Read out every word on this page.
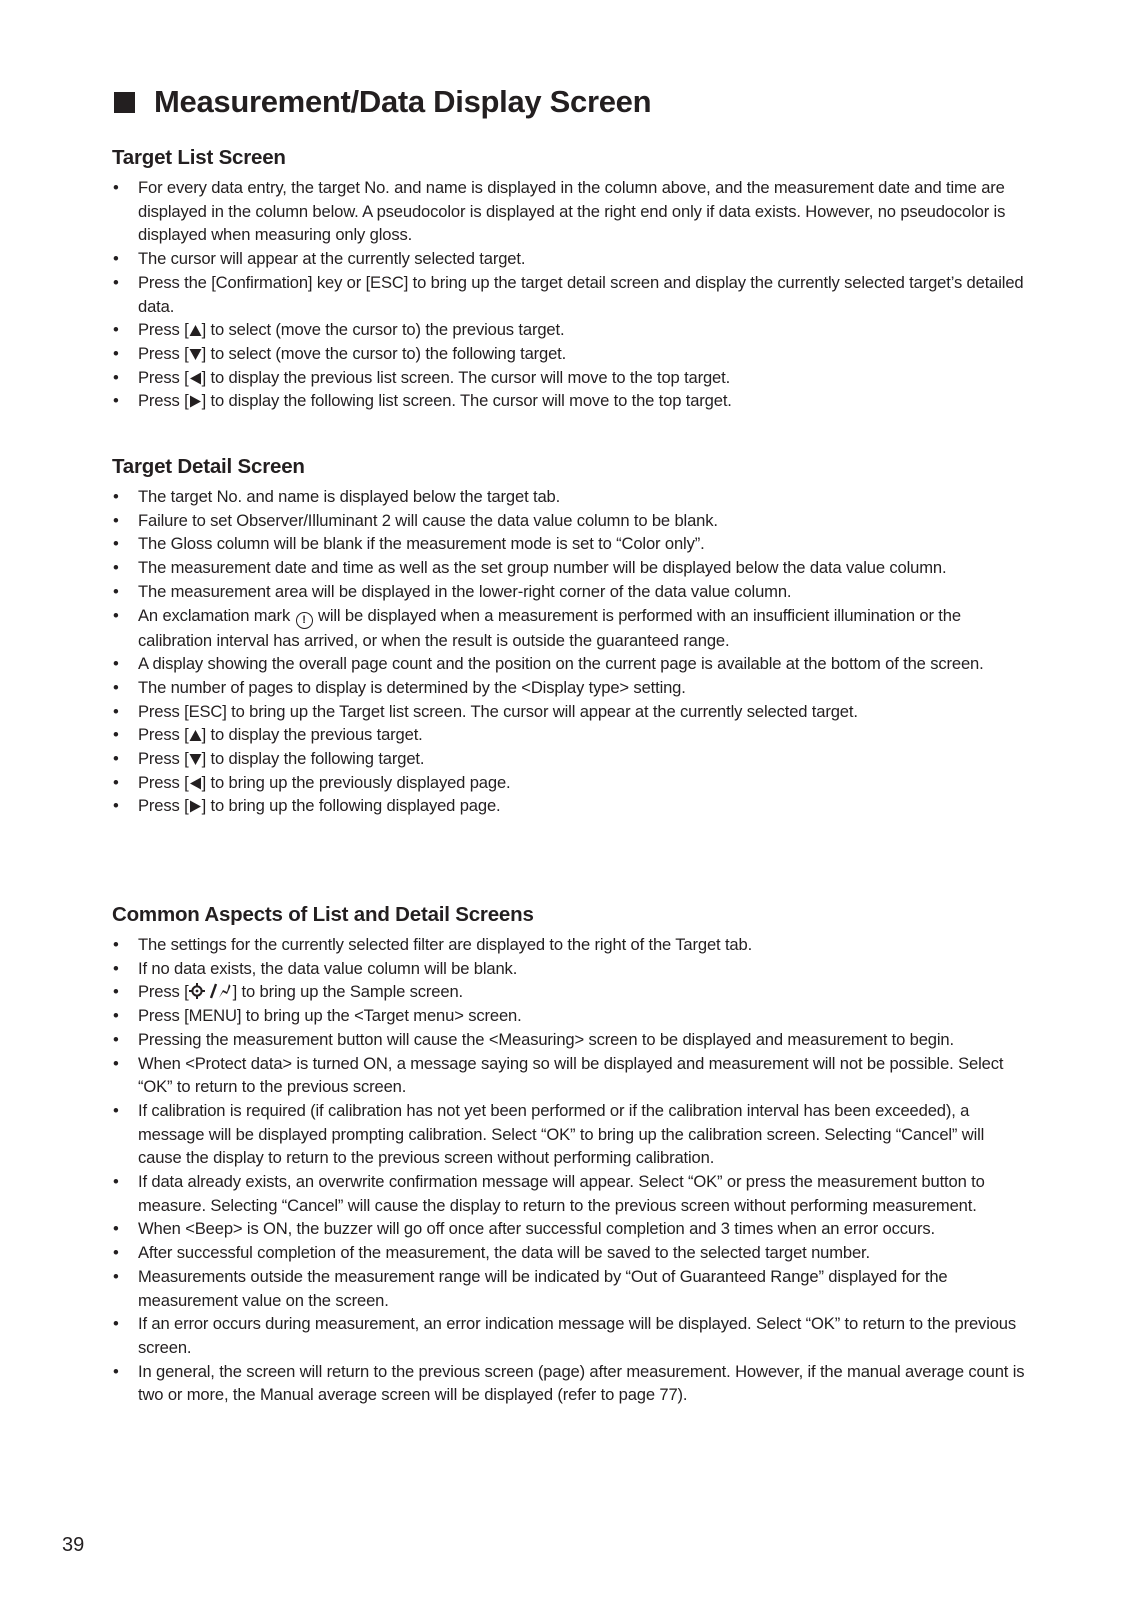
Measurement/Data Display Screen
Target List Screen
• For every data entry, the target No. and name is displayed in the column above, and the measurement date and time are displayed in the column below. A pseudocolor is displayed at the right end only if data exists. However, no pseudocolor is displayed when measuring only gloss.
• The cursor will appear at the currently selected target.
• Press the [Confirmation] key or [ESC] to bring up the target detail screen and display the currently selected target’s detailed data.
• Press [ ] to select (move the cursor to) the previous target.
• Press [ ] to select (move the cursor to) the following target.
• Press [ ] to display the previous list screen. The cursor will move to the top target.
• Press [ ] to display the following list screen. The cursor will move to the top target.
Target Detail Screen
• The target No. and name is displayed below the target tab.
• Failure to set Observer/Illuminant 2 will cause the data value column to be blank.
• The Gloss column will be blank if the measurement mode is set to “Color only”.
• The measurement date and time as well as the set group number will be displayed below the data value column.
• The measurement area will be displayed in the lower-right corner of the data value column.
• An exclamation mark ! will be displayed when a measurement is performed with an insufficient illumination or the calibration interval has arrived, or when the result is outside the guaranteed range.
• A display showing the overall page count and the position on the current page is available at the bottom of the screen.
• The number of pages to display is determined by the <Display type> setting.
• Press [ESC] to bring up the Target list screen. The cursor will appear at the currently selected target.
• Press [ ] to display the previous target.
• Press [ ] to display the following target.
• Press [ ] to bring up the previously displayed page.
• Press [ ] to bring up the following displayed page.
Common Aspects of List and Detail Screens
• The settings for the currently selected filter are displayed to the right of the Target tab.
• If no data exists, the data value column will be blank.
• Press [	] to bring up the Sample screen.
• Press [MENU] to bring up the <Target menu> screen.
• Pressing the measurement button will cause the <Measuring> screen to be displayed and measurement to begin.
• When <Protect data> is turned ON, a message saying so will be displayed and measurement will not be possible. Select “OK” to return to the previous screen.
• If calibration is required (if calibration has not yet been performed or if the calibration interval has been exceeded), a message will be displayed prompting calibration. Select “OK” to bring up the calibration screen. Selecting “Cancel” will cause the display to return to the previous screen without performing calibration.
• If data already exists, an overwrite confirmation message will appear. Select “OK” or press the measurement button to measure. Selecting “Cancel” will cause the display to return to the previous screen without performing measurement.
• When <Beep> is ON, the buzzer will go off once after successful completion and 3 times when an error occurs.
• After successful completion of the measurement, the data will be saved to the selected target number.
• Measurements outside the measurement range will be indicated by “Out of Guaranteed Range” displayed for the measurement value on the screen.
• If an error occurs during measurement, an error indication message will be displayed. Select “OK” to return to the previous screen.
• In general, the screen will return to the previous screen (page) after measurement. However, if the manual average count is two or more, the Manual average screen will be displayed (refer to page 77).
39
